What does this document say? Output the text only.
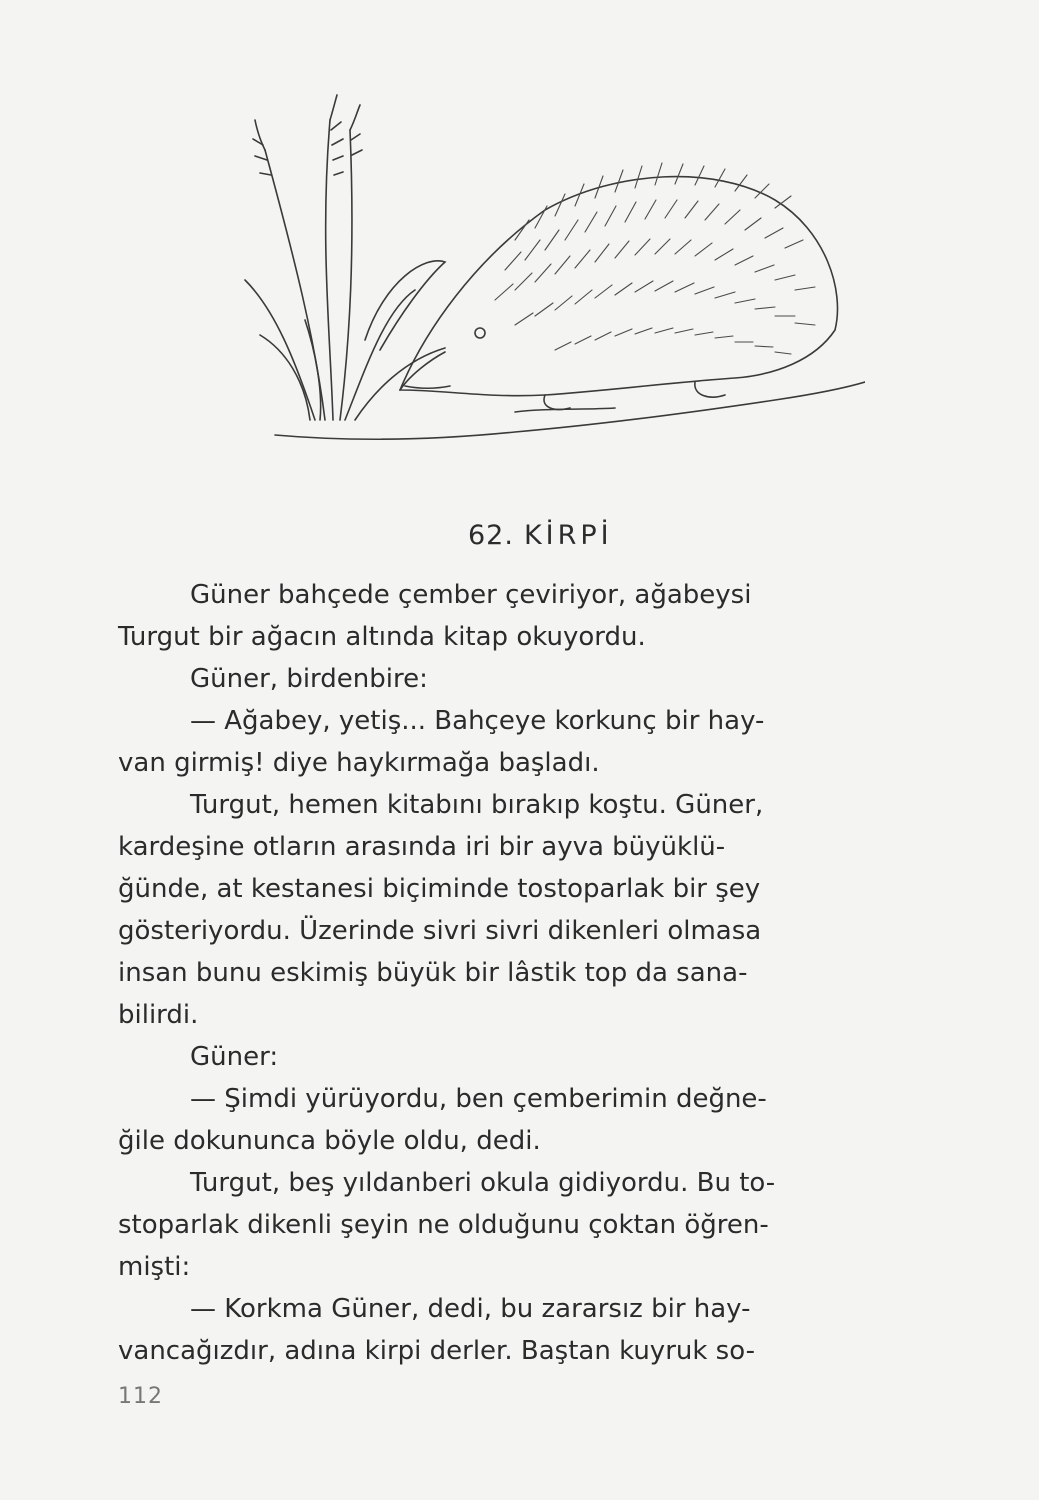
62. KİRPİ
Güner bahçede çember çeviriyor, ağabeysi
Turgut bir ağacın altında kitap okuyordu.
Güner, birdenbire:
— Ağabey, yetiş... Bahçeye korkunç bir hay-
van girmiş! diye haykırmağa başladı.
Turgut, hemen kitabını bırakıp koştu. Güner,
kardeşine otların arasında iri bir ayva büyüklü-
ğünde, at kestanesi biçiminde tostoparlak bir şey
gösteriyordu. Üzerinde sivri sivri dikenleri olmasa
insan bunu eskimiş büyük bir lâstik top da sana-
bilirdi.
Güner:
— Şimdi yürüyordu, ben çemberimin değne-
ğile dokununca böyle oldu, dedi.
Turgut, beş yıldanberi okula gidiyordu. Bu to-
stoparlak dikenli şeyin ne olduğunu çoktan öğren-
mişti:
— Korkma Güner, dedi, bu zararsız bir hay-
vancağızdır, adına kirpi derler. Baştan kuyruk so-
112
